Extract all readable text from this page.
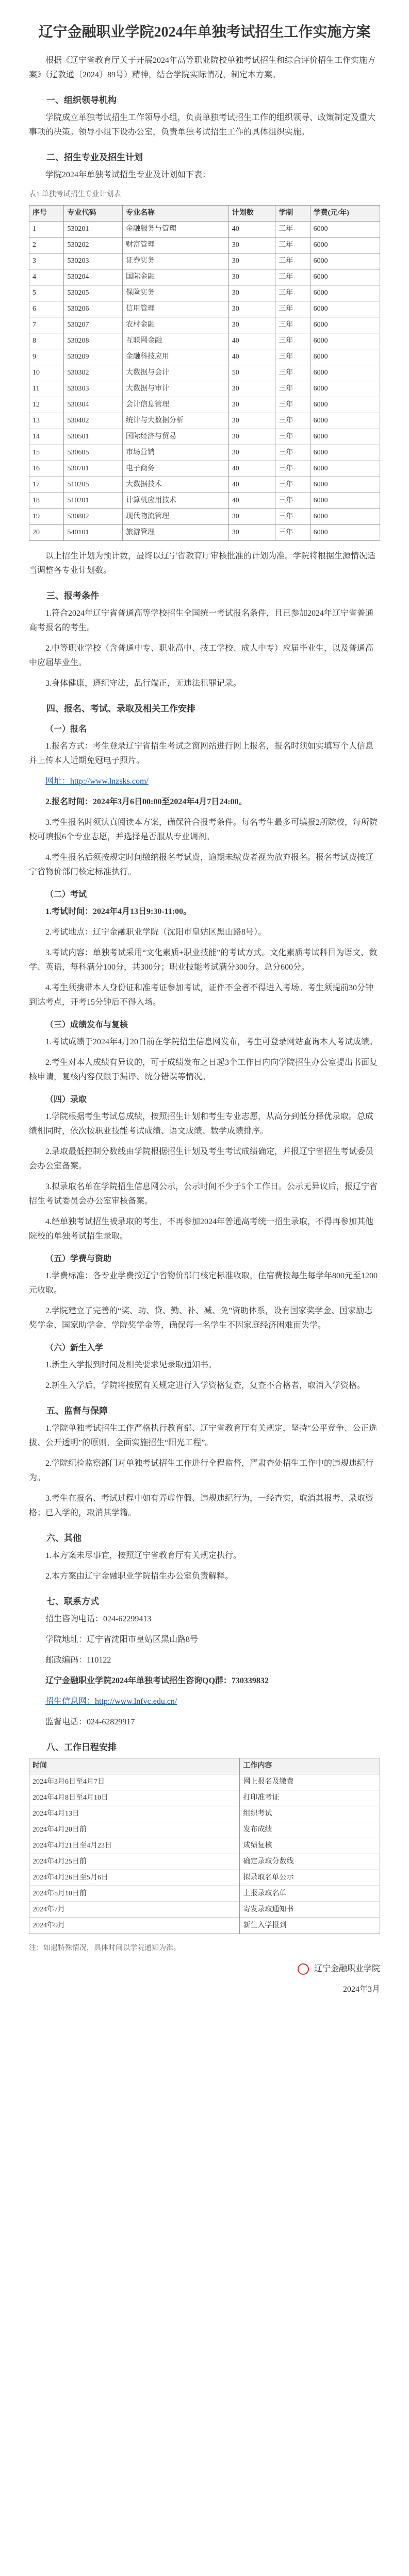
辽宁金融职业学院2024年单独考试招生工作实施方案

根据《辽宁省教育厅关于开展2024年高等职业院校单独考试招生和综合评价招生工作实施方案》（辽教通〔2024〕89号）精神，结合学院实际情况，制定本方案。

一、组织领导机构

学院成立单独考试招生工作领导小组，负责单独考试招生工作的组织领导、政策制定及重大事项的决策。领导小组下设办公室，负责单独考试招生工作的具体组织实施。

二、招生专业及招生计划

学院2024年单独考试招生专业及计划如下表：

表1 单独考试招生专业计划表
序号	专业代码	专业名称	计划数	学制	学费(元/年)
1	530201	金融服务与管理	40	三年	6000
2	530202	财富管理	30	三年	6000
3	530203	证券实务	30	三年	6000
4	530204	国际金融	30	三年	6000
5	530205	保险实务	30	三年	6000
6	530206	信用管理	30	三年	6000
7	530207	农村金融	30	三年	6000
8	530208	互联网金融	40	三年	6000
9	530209	金融科技应用	40	三年	6000
10	530302	大数据与会计	50	三年	6000
11	530303	大数据与审计	30	三年	6000
12	530304	会计信息管理	30	三年	6000
13	530402	统计与大数据分析	30	三年	6000
14	530501	国际经济与贸易	30	三年	6000
15	530605	市场营销	30	三年	6000
16	530701	电子商务	40	三年	6000
17	510205	大数据技术	40	三年	6000
18	510201	计算机应用技术	40	三年	6000
19	530802	现代物流管理	30	三年	6000
20	540101	旅游管理	30	三年	6000

以上招生计划为预计数，最终以辽宁省教育厅审核批准的计划为准。学院将根据生源情况适当调整各专业计划数。

三、报考条件

1.符合2024年辽宁省普通高等学校招生全国统一考试报名条件，且已参加2024年辽宁省普通高考报名的考生。

2.中等职业学校（含普通中专、职业高中、技工学校、成人中专）应届毕业生，以及普通高中应届毕业生。

3.身体健康，遵纪守法，品行端正，无违法犯罪记录。

四、报名、考试、录取及相关工作安排
（一）报名

1.报名方式：考生登录辽宁省招生考试之窗网站进行网上报名，报名时须如实填写个人信息并上传本人近期免冠电子照片。

网址：http://www.lnzsks.com/

2.报名时间：2024年3月6日00:00至2024年4月7日24:00。

3.考生报名时须认真阅读本方案，确保符合报考条件。每名考生最多可填报2所院校，每所院校可填报6个专业志愿，并选择是否服从专业调剂。

4.考生报名后须按规定时间缴纳报名考试费，逾期未缴费者视为放弃报名。报名考试费按辽宁省物价部门核定标准执行。

（二）考试

1.考试时间：2024年4月13日9:30-11:00。

2.考试地点：辽宁金融职业学院（沈阳市皇姑区黑山路8号）。

3.考试内容：单独考试采用“文化素质+职业技能”的考试方式。文化素质考试科目为语文、数学、英语，每科满分100分，共300分；职业技能考试满分300分。总分600分。

4.考生须携带本人身份证和准考证参加考试，证件不全者不得进入考场。考生须提前30分钟到达考点，开考15分钟后不得入场。

（三）成绩发布与复核

1.考试成绩于2024年4月20日前在学院招生信息网发布，考生可登录网站查询本人考试成绩。

2.考生对本人成绩有异议的，可于成绩发布之日起3个工作日内向学院招生办公室提出书面复核申请，复核内容仅限于漏评、统分错误等情况。

（四）录取

1.学院根据考生考试总成绩，按照招生计划和考生专业志愿，从高分到低分择优录取。总成绩相同时，依次按职业技能考试成绩、语文成绩、数学成绩排序。

2.录取最低控制分数线由学院根据招生计划及考生考试成绩确定，并报辽宁省招生考试委员会办公室备案。

3.拟录取名单在学院招生信息网公示，公示时间不少于5个工作日。公示无异议后，报辽宁省招生考试委员会办公室审核备案。

4.经单独考试招生被录取的考生，不再参加2024年普通高考统一招生录取，不得再参加其他院校的单独考试招生录取。

（五）学费与资助

1.学费标准：各专业学费按辽宁省物价部门核定标准收取，住宿费按每生每学年800元至1200元收取。

2.学院建立了完善的“奖、助、贷、勤、补、减、免”资助体系，设有国家奖学金、国家励志奖学金、国家助学金、学院奖学金等，确保每一名学生不因家庭经济困难而失学。

（六）新生入学

1.新生入学报到时间及相关要求见录取通知书。

2.新生入学后，学院将按照有关规定进行入学资格复查，复查不合格者，取消入学资格。

五、监督与保障

1.学院单独考试招生工作严格执行教育部、辽宁省教育厅有关规定，坚持“公平竞争、公正选拔、公开透明”的原则，全面实施招生“阳光工程”。

2.学院纪检监察部门对单独考试招生工作进行全程监督，严肃查处招生工作中的违规违纪行为。

3.考生在报名、考试过程中如有弄虚作假、违规违纪行为，一经查实，取消其报考、录取资格；已入学的，取消其学籍。

六、其他

1.本方案未尽事宜，按照辽宁省教育厅有关规定执行。

2.本方案由辽宁金融职业学院招生办公室负责解释。

七、联系方式

招生咨询电话：024-62299413

学院地址：辽宁省沈阳市皇姑区黑山路8号

邮政编码：110122

辽宁金融职业学院2024年单独考试招生咨询QQ群：730339832

招生信息网：http://www.lnfvc.edu.cn/

监督电话：024-62829917

八、工作日程安排
时间	工作内容
2024年3月6日至4月7日	网上报名及缴费
2024年4月8日至4月10日	打印准考证
2024年4月13日	组织考试
2024年4月20日前	发布成绩
2024年4月21日至4月23日	成绩复核
2024年4月25日前	确定录取分数线
2024年4月26日至5月6日	拟录取名单公示
2024年5月10日前	上报录取名单
2024年7月	寄发录取通知书
2024年9月	新生入学报到
注：如遇特殊情况，具体时间以学院通知为准。

辽宁金融职业学院

2024年3月
